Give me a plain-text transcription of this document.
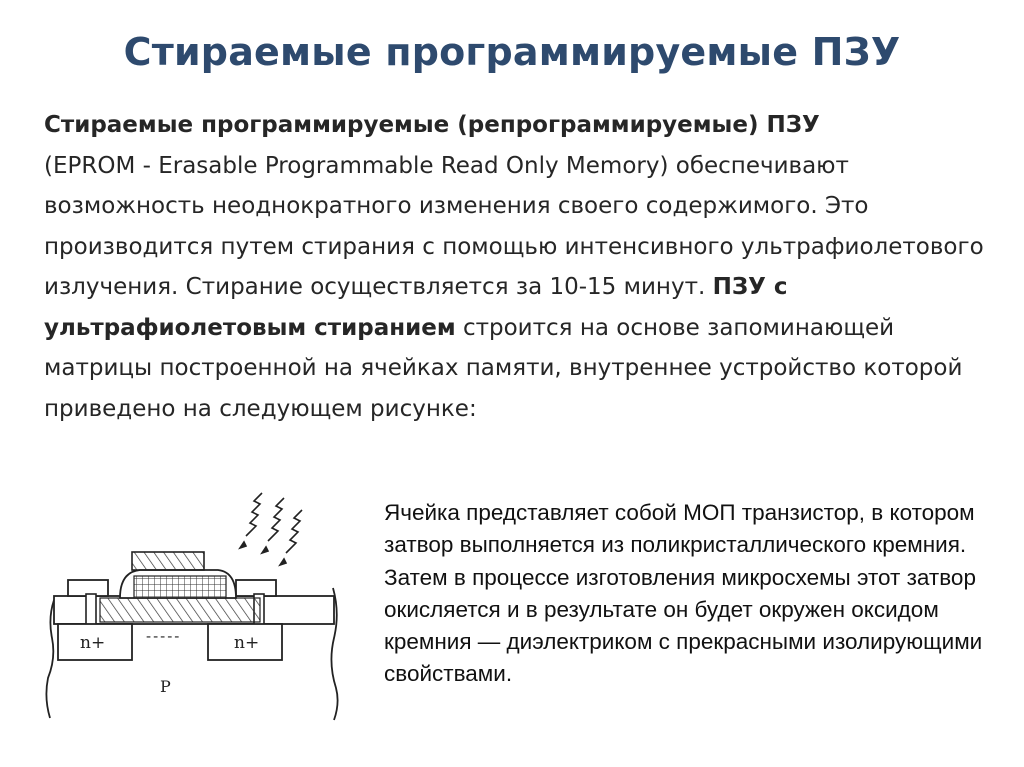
Стираемые программируемые ПЗУ
Стираемые программируемые (репрограммируемые) ПЗУ
(EPROM - Erasable Programmable Read Only Memory) обеспечивают возможность неоднократного изменения своего содержимого. Это производится путем стирания с помощью интенсивного ультрафиолетового излучения. Стирание осуществляется за 10-15 минут. ПЗУ с ультрафиолетовым стиранием строится на основе запоминающей матрицы построенной на ячейках памяти, внутреннее устройство которой приведено на следующем рисунке:
n+	n+
-----
P
Ячейка представляет собой МОП транзистор, в котором затвор выполняется из поликристаллического кремния. Затем в процессе изготовления микросхемы этот затвор окисляется и в результате он будет окружен оксидом кремния — диэлектриком с прекрасными изолирующими свойствами.
